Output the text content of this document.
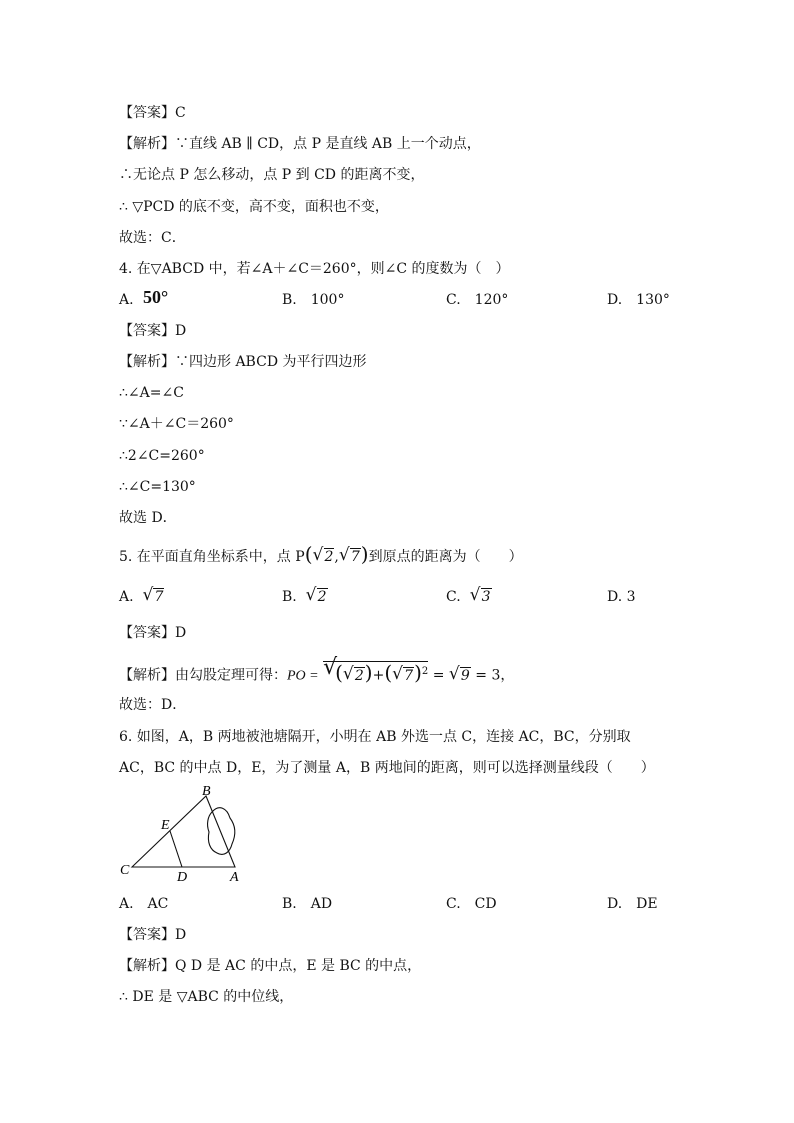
【答案】C
【解析】∵直线 AB ∥ CD，点 P 是直线 AB 上一个动点，
∴无论点 P 怎么移动，点 P 到 CD 的距离不变，
∴ ▽PCD 的底不变，高不变，面积也不变，
故选：C．
4. 在▽ABCD 中，若∠A＋∠C＝260°，则∠C 的度数为（　）
A. 50°	B.　100°	C.　120°	D.　130°
【答案】D
【解析】∵四边形 ABCD 为平行四边形
∴∠A=∠C
∵∠A＋∠C＝260°
∴2∠C=260°
∴∠C=130°
故选 D．
5. 在平面直角坐标系中，点 P( √ 2, √ 7)到原点的距离为（　　）
A. √ 7	B. √ 2	C. √ 3	D. 3
【答案】D
【解析】由勾股定理可得：PO = √
( √ 2)+( √ 7)$^2$ = √ 9 = 3，
故选：D．
6. 如图，A，B 两地被池塘隔开，小明在 AB 外选一点 C，连接 AC，BC，分别取
AC，BC 的中点 D，E，为了测量 A，B 两地间的距离，则可以选择测量线段（　　）
B
E
C	D	A
A.　AC	B.　AD	C.　CD	D.　DE
【答案】D
【解析】Q D 是 AC 的中点，E 是 BC 的中点，
∴ DE 是 ▽ABC 的中位线，
